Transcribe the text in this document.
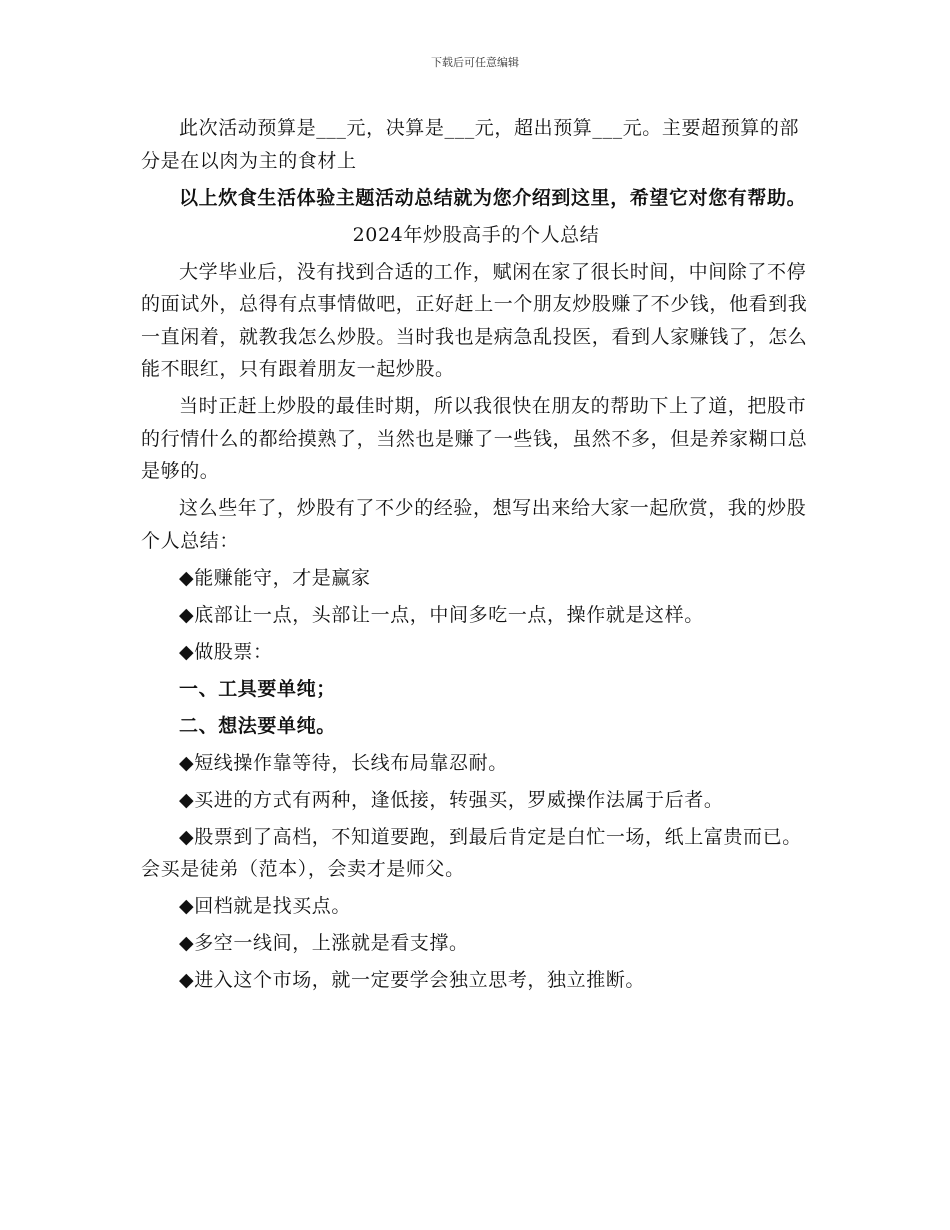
下载后可任意编辑

此次活动预算是___元，决算是___元，超出预算___元。主要超预算的部分是在以肉为主的食材上

以上炊食生活体验主题活动总结就为您介绍到这里，希望它对您有帮助。

2024年炒股高手的个人总结

大学毕业后，没有找到合适的工作，赋闲在家了很长时间，中间除了不停的面试外，总得有点事情做吧，正好赶上一个朋友炒股赚了不少钱，他看到我一直闲着，就教我怎么炒股。当时我也是病急乱投医，看到人家赚钱了，怎么能不眼红，只有跟着朋友一起炒股。

当时正赶上炒股的最佳时期，所以我很快在朋友的帮助下上了道，把股市的行情什么的都给摸熟了，当然也是赚了一些钱，虽然不多，但是养家糊口总是够的。

这么些年了，炒股有了不少的经验，想写出来给大家一起欣赏，我的炒股个人总结：

◆能赚能守，才是赢家

◆底部让一点，头部让一点，中间多吃一点，操作就是这样。

◆做股票：

一、工具要单纯；

二、想法要单纯。

◆短线操作靠等待，长线布局靠忍耐。

◆买进的方式有两种，逢低接，转强买，罗威操作法属于后者。

◆股票到了高档，不知道要跑，到最后肯定是白忙一场，纸上富贵而已。会买是徒弟（范本），会卖才是师父。

◆回档就是找买点。

◆多空一线间，上涨就是看支撑。

◆进入这个市场，就一定要学会独立思考，独立推断。
